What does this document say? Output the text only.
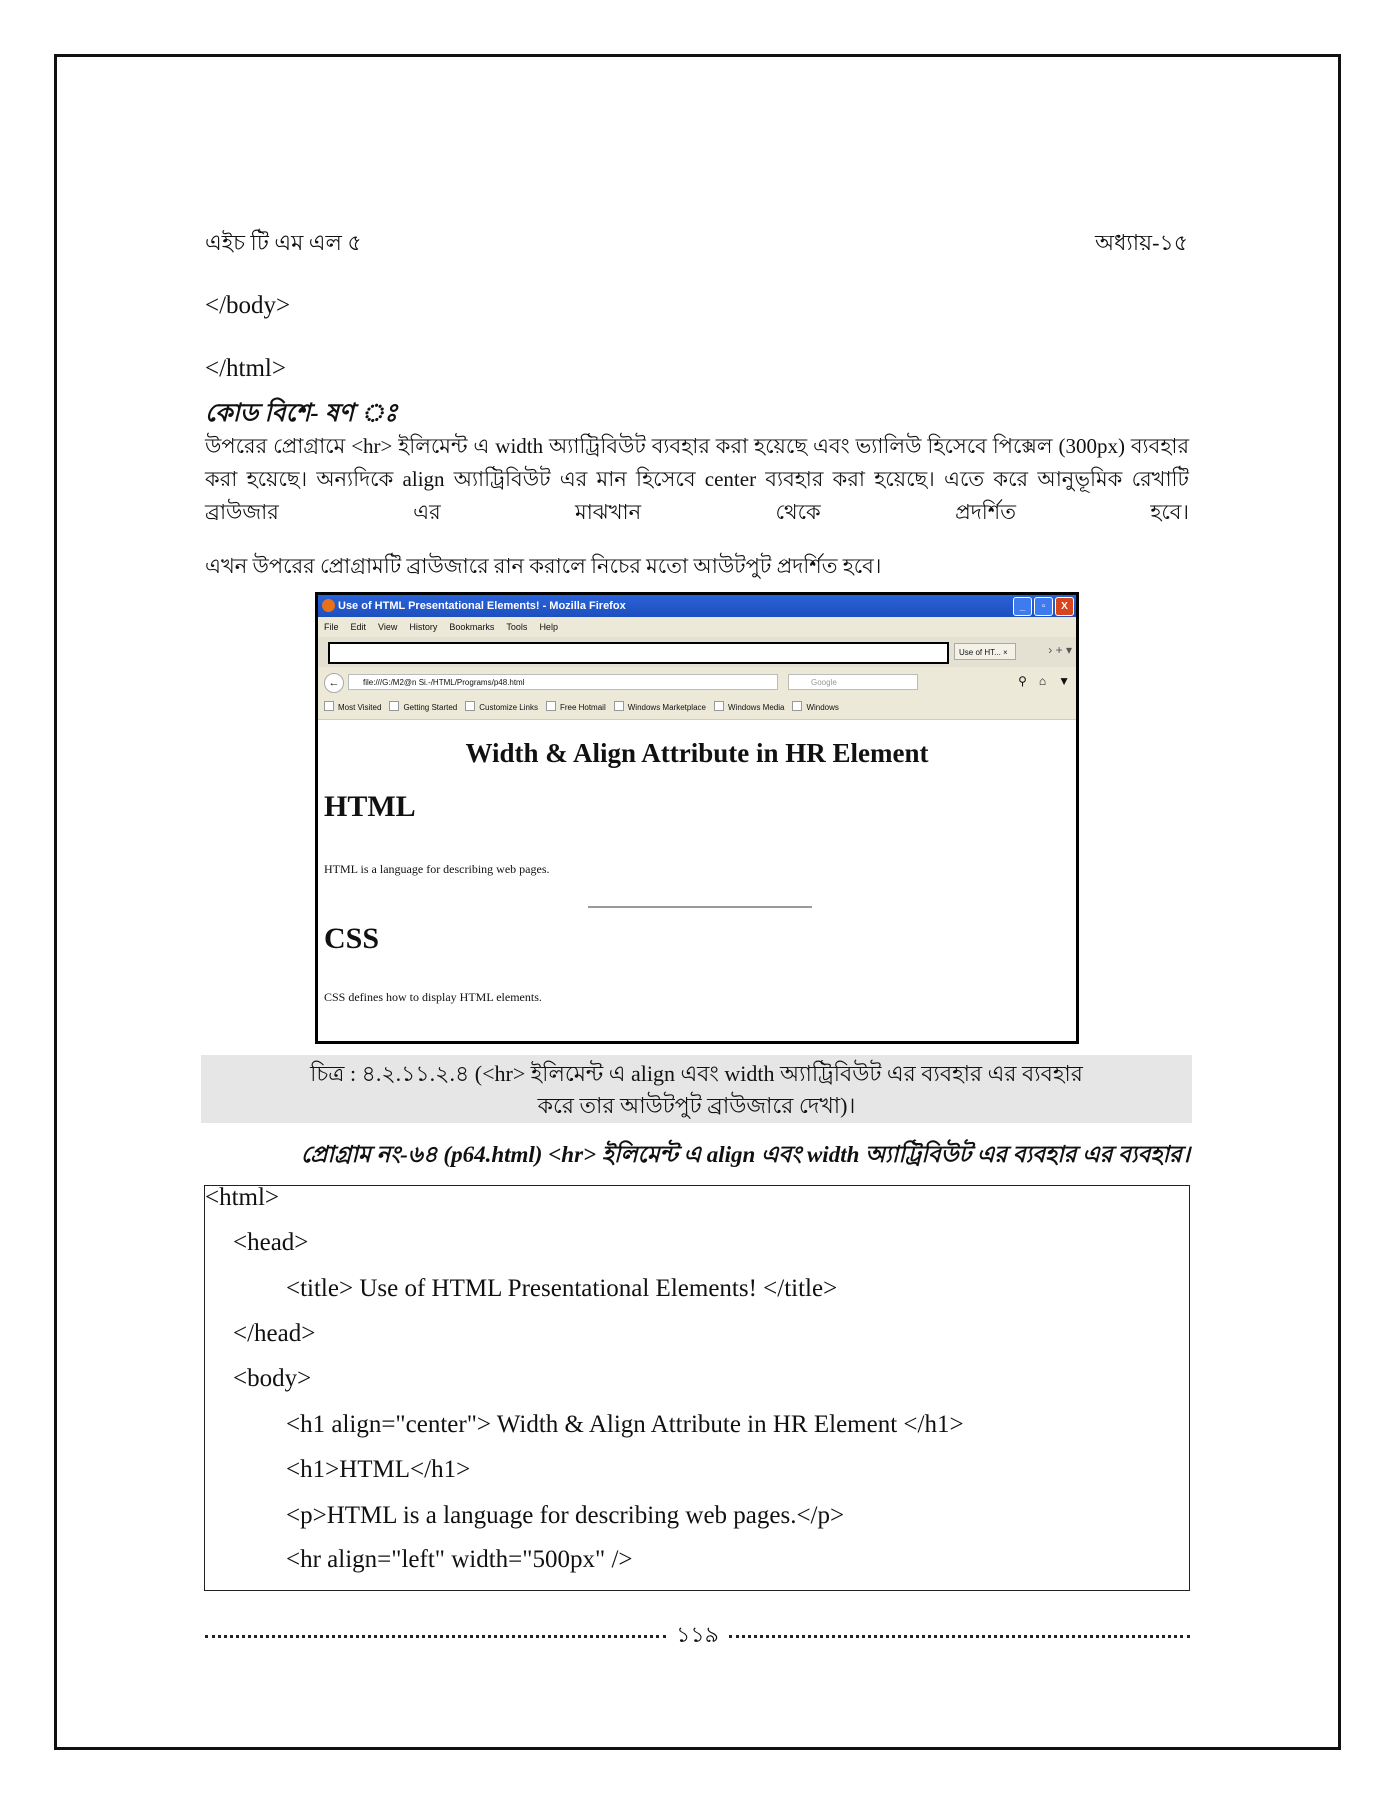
এইচ টি এম এল ৫	অধ্যায়-১৫
</body>
</html>
কোড বিশে- ষণ ঃ
উপরের প্রোগ্রামে <hr> ইলিমেন্ট এ width অ্যাট্রিবিউট ব্যবহার করা হয়েছে এবং ভ্যালিউ হিসেবে পিক্সেল (300px) ব্যবহার করা হয়েছে। অন্যদিকে align অ্যাট্রিবিউট এর মান হিসেবে center ব্যবহার করা হয়েছে। এতে করে আনুভূমিক রেখাটি ব্রাউজার এর মাঝখান থেকে প্রদর্শিত হবে।
এখন উপরের প্রোগ্রামটি ব্রাউজারে রান করালে নিচের মতো আউটপুট প্রদর্শিত হবে।
Use of HTML Presentational Elements! - Mozilla Firefox	_	▫	X
File Edit View History Bookmarks Tools Help
Use of HT... ×	› + ▾
←	file:///G:/M2@n Si.-/HTML/Programs/p48.html	Google	⚲ ⌂ ▼
Most Visited	Getting Started	Customize Links	Free Hotmail	Windows Marketplace	Windows Media	Windows
Width & Align Attribute in HR Element
HTML
HTML is a language for describing web pages.
CSS
CSS defines how to display HTML elements.
চিত্র : ৪.২.১১.২.৪ (<hr> ইলিমেন্ট এ align এবং width অ্যাট্রিবিউট এর ব্যবহার এর ব্যবহার
করে তার আউটপুট ব্রাউজারে দেখা)।
প্রোগ্রাম নং-৬৪ (p64.html) <hr> ইলিমেন্ট এ align এবং width অ্যাট্রিবিউট এর ব্যবহার এর ব্যবহার।
<html>
<head>
<title> Use of HTML Presentational Elements! </title>
</head>
<body>
<h1 align="center"> Width & Align Attribute in HR Element </h1>
<h1>HTML</h1>
<p>HTML is a language for describing web pages.</p>
<hr align="left" width="500px" />
১১৯
